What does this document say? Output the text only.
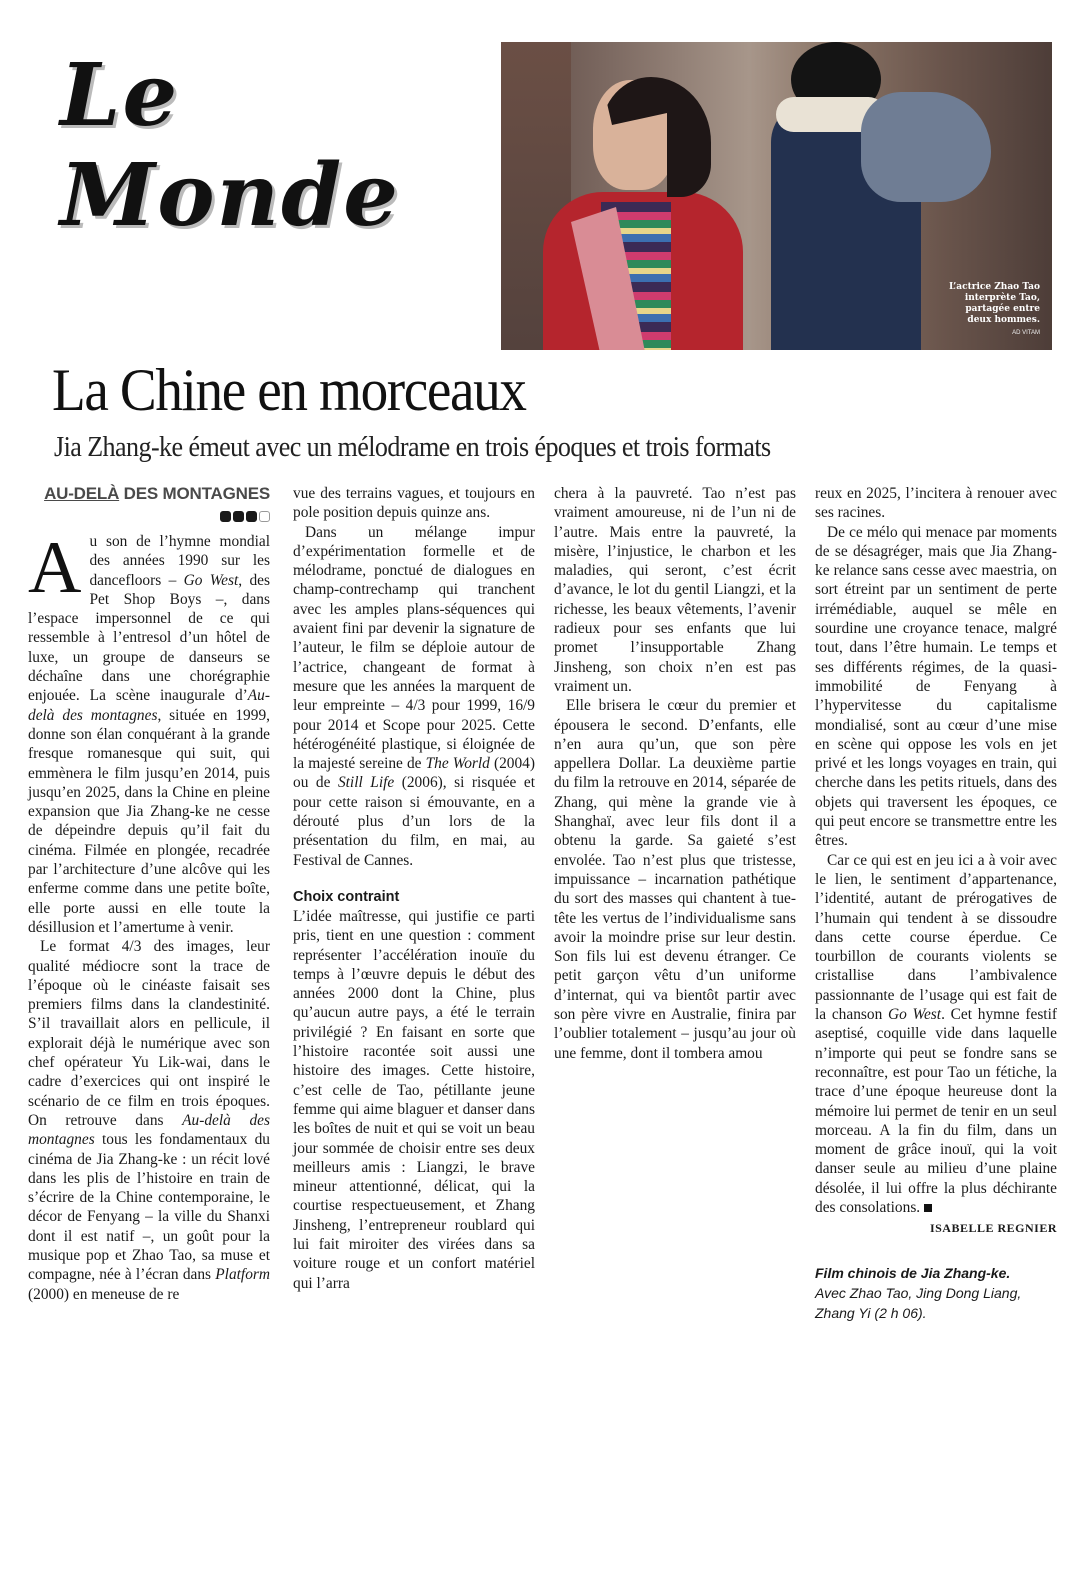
Le Monde
L’actrice Zhao Tao
interprète Tao,
partagée entre
deux hommes.
AD VITAM
La Chine en morceaux
Jia Zhang-ke émeut avec un mélodrame en trois époques et trois formats
AU-DELÀ DES MONTAGNES

Au son de l’hymne mondial des années 1990 sur les dancefloors – Go West, des Pet Shop Boys –, dans l’espace impersonnel de ce qui ressemble à l’entresol d’un hôtel de luxe, un groupe de danseurs se déchaîne dans une chorégraphie enjouée. La scène inaugurale d’Au-delà des montagnes, située en 1999, donne son élan conquérant à la grande fresque romanesque qui suit, qui emmènera le film jusqu’en 2014, puis jusqu’en 2025, dans la Chine en pleine expansion que Jia Zhang-ke ne cesse de dépeindre depuis qu’il fait du cinéma. Filmée en plongée, recadrée par l’architecture d’une alcôve qui les enferme comme dans une petite boîte, elle porte aussi en elle toute la désillusion et l’amertume à venir.

Le format 4/3 des images, leur qualité médiocre sont la trace de l’époque où le cinéaste faisait ses premiers films dans la clandestinité. S’il travaillait alors en pellicule, il explorait déjà le numérique avec son chef opérateur Yu Lik-wai, dans le cadre d’exercices qui ont inspiré le scénario de ce film en trois époques. On retrouve dans Au-delà des montagnes tous les fondamentaux du cinéma de Jia Zhang-ke : un récit lové dans les plis de l’histoire en train de s’écrire de la Chine contemporaine, le décor de Fenyang – la ville du Shanxi dont il est natif –, un goût pour la musique pop et Zhao Tao, sa muse et compagne, née à l’écran dans Platform (2000) en meneuse de re

vue des terrains vagues, et toujours en pole position depuis quinze ans.

Dans un mélange impur d’expérimentation formelle et de mélodrame, ponctué de dialogues en champ-contrechamp qui tranchent avec les amples plans-séquences qui avaient fini par devenir la signature de l’auteur, le film se déploie autour de l’actrice, changeant de format à mesure que les années la marquent de leur empreinte – 4/3 pour 1999, 16/9 pour 2014 et Scope pour 2025. Cette hétérogénéité plastique, si éloignée de la majesté sereine de The World (2004) ou de Still Life (2006), si risquée et pour cette raison si émouvante, en a dérouté plus d’un lors de la présentation du film, en mai, au Festival de Cannes.

Choix contraint

L’idée maîtresse, qui justifie ce parti pris, tient en une question : comment représenter l’accélération inouïe du temps à l’œuvre depuis le début des années 2000 dont la Chine, plus qu’aucun autre pays, a été le terrain privilégié ? En faisant en sorte que l’histoire racontée soit aussi une histoire des images. Cette histoire, c’est celle de Tao, pétillante jeune femme qui aime blaguer et danser dans les boîtes de nuit et qui se voit un beau jour sommée de choisir entre ses deux meilleurs amis : Liangzi, le brave mineur attentionné, délicat, qui la courtise respectueusement, et Zhang Jinsheng, l’entrepreneur roublard qui lui fait miroiter des virées dans sa voiture rouge et un confort matériel qui l’arra

chera à la pauvreté. Tao n’est pas vraiment amoureuse, ni de l’un ni de l’autre. Mais entre la pauvreté, la misère, l’injustice, le charbon et les maladies, qui seront, c’est écrit d’avance, le lot du gentil Liangzi, et la richesse, les beaux vêtements, l’avenir radieux pour ses enfants que lui promet l’insupportable Zhang Jinsheng, son choix n’en est pas vraiment un.

Elle brisera le cœur du premier et épousera le second. D’enfants, elle n’en aura qu’un, que son père appellera Dollar. La deuxième partie du film la retrouve en 2014, séparée de Zhang, qui mène la grande vie à Shanghaï, avec leur fils dont il a obtenu la garde. Sa gaieté s’est envolée. Tao n’est plus que tristesse, impuissance – incarnation pathétique du sort des masses qui chantent à tue-tête les vertus de l’individualisme sans avoir la moindre prise sur leur destin. Son fils lui est devenu étranger. Ce petit garçon vêtu d’un uniforme d’internat, qui va bientôt partir avec son père vivre en Australie, finira par l’oublier totalement – jusqu’au jour où une femme, dont il tombera amou

reux en 2025, l’incitera à renouer avec ses racines.

De ce mélo qui menace par moments de se désagréger, mais que Jia Zhang-ke relance sans cesse avec maestria, on sort étreint par un sentiment de perte irrémédiable, auquel se mêle en sourdine une croyance tenace, malgré tout, dans l’être humain. Le temps et ses différents régimes, de la quasi-immobilité de Fenyang à l’hypervitesse du capitalisme mondialisé, sont au cœur d’une mise en scène qui oppose les vols en jet privé et les longs voyages en train, qui cherche dans les petits rituels, dans des objets qui traversent les époques, ce qui peut encore se transmettre entre les êtres.

Car ce qui est en jeu ici a à voir avec le lien, le sentiment d’appartenance, l’identité, autant de prérogatives de l’humain qui tendent à se dissoudre dans cette course éperdue. Ce tourbillon de courants violents se cristallise dans l’ambivalence passionnante de l’usage qui est fait de la chanson Go West. Cet hymne festif aseptisé, coquille vide dans laquelle n’importe qui peut se fondre sans se reconnaître, est pour Tao un fétiche, la trace d’une époque heureuse dont la mémoire lui permet de tenir en un seul morceau. A la fin du film, dans un moment de grâce inouï, qui la voit danser seule au milieu d’une plaine désolée, il lui offre la plus déchirante des consolations.

ISABELLE REGNIER
Film chinois de Jia Zhang-ke.
Avec Zhao Tao, Jing Dong Liang, Zhang Yi (2 h 06).
